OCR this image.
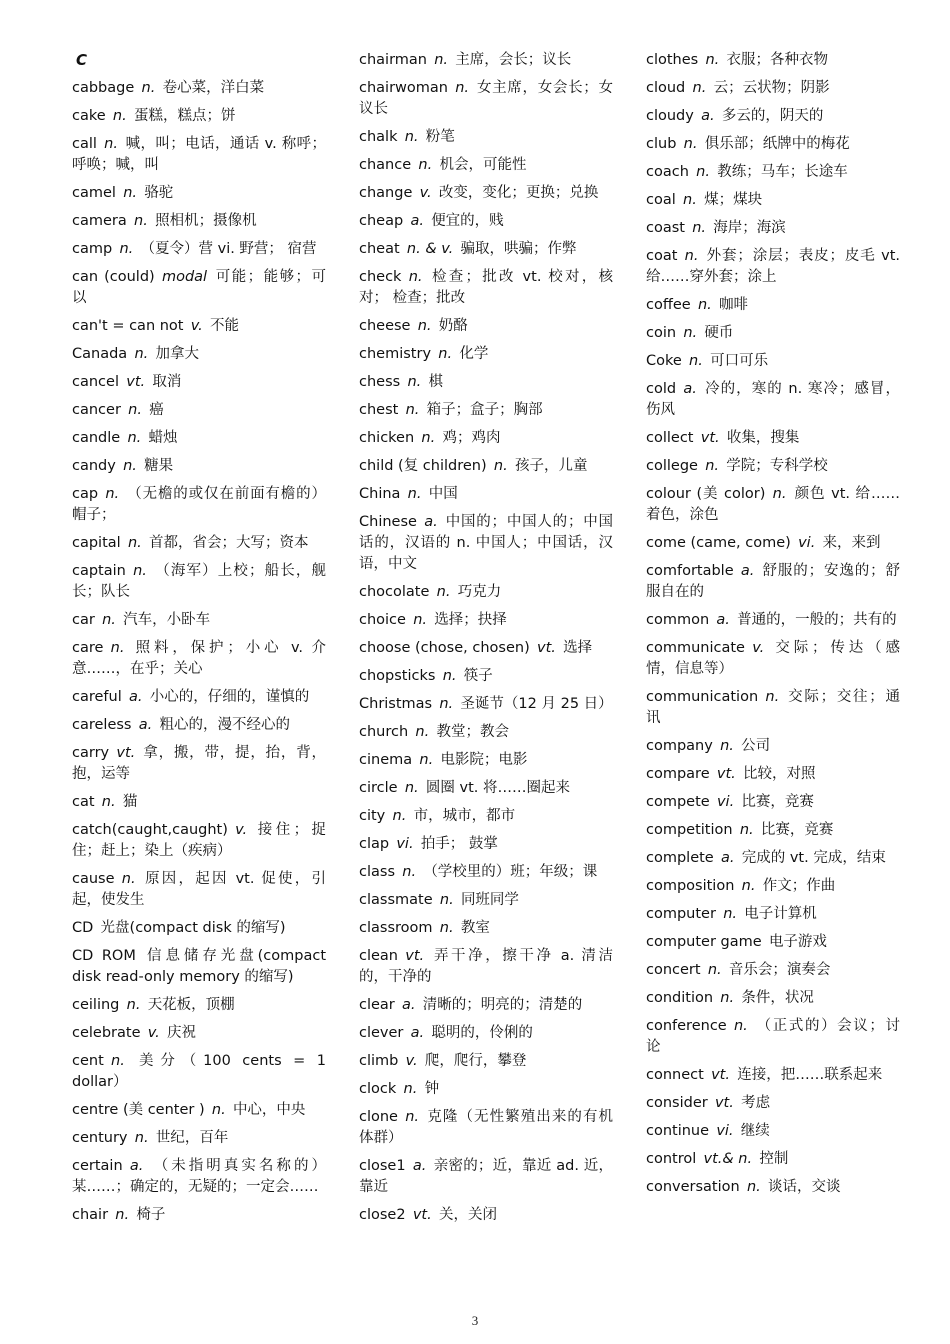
C
cabbage  n.  卷心菜，洋白菜
cake  n.  蛋糕，糕点；饼
call  n.  喊，叫；电话，通话 v. 称呼；呼唤；喊，叫
camel  n.  骆驼
camera  n.  照相机；摄像机
camp  n.  （夏令）营 vi. 野营； 宿营
can (could)  modal  可能；能够；可以
can't = can not  v.  不能
Canada  n.  加拿大
cancel  vt.  取消
cancer  n.  癌
candle  n.  蜡烛
candy  n.  糖果
cap  n.  （无檐的或仅在前面有檐的）帽子；
capital  n.  首都，省会；大写；资本
captain  n.  （海军）上校；船长，舰长；队长
car  n.  汽车，小卧车
care  n.  照料，保护；小心 v. 介意……，在乎；关心
careful  a.  小心的，仔细的，谨慎的
careless  a.  粗心的，漫不经心的
carry  vt.  拿，搬，带，提，抬，背，抱，运等
cat  n.  猫
catch(caught,caught)  v.  接住；捉住；赶上；染上（疾病）
cause  n.  原因，起因 vt. 促使，引起，使发生
CD  光盘(compact disk 的缩写)
CD ROM  信息储存光盘(compact disk read-only memory 的缩写)
ceiling  n.  天花板，顶棚
celebrate  v.  庆祝
cent  n.  美分（100 cents = 1 dollar）
centre (美 center )  n.  中心，中央
century  n.  世纪，百年
certain  a.  （未指明真实名称的）某……；确定的，无疑的；一定会……
chair  n.  椅子
chairman  n.  主席，会长；议长
chairwoman  n.  女主席，女会长；女议长
chalk  n.  粉笔
chance  n.  机会，可能性
change  v.  改变，变化；更换；兑换
cheap  a.  便宜的，贱
cheat  n. & v.  骗取，哄骗；作弊
check  n.  检查；批改 vt. 校对，核对； 检查；批改
cheese  n.  奶酪
chemistry  n.  化学
chess  n.  棋
chest  n.  箱子；盒子；胸部
chicken  n.  鸡；鸡肉
child (复 children)  n.  孩子，儿童
China  n.  中国
Chinese  a.  中国的；中国人的；中国话的，汉语的 n. 中国人；中国话，汉语，中文
chocolate  n.  巧克力
choice  n.  选择；抉择
choose (chose, chosen)  vt.  选择
chopsticks  n.  筷子
Christmas  n.  圣诞节（12 月 25 日）
church  n.  教堂；教会
cinema  n.  电影院；电影
circle  n.  圆圈 vt. 将……圈起来
city  n.  市，城市，都市
clap  vi.  拍手； 鼓掌
class  n.  （学校里的）班；年级；课
classmate  n.  同班同学
classroom  n.  教室
clean  vt.  弄干净，擦干净 a. 清洁的，干净的
clear  a.  清晰的；明亮的；清楚的
clever  a.  聪明的，伶俐的
climb  v.  爬，爬行，攀登
clock  n.  钟
clone  n.  克隆（无性繁殖出来的有机体群）
close1  a.  亲密的；近，靠近 ad. 近，靠近
close2  vt.  关，关闭
clothes  n.  衣服；各种衣物
cloud  n.  云；云状物；阴影
cloudy  a.  多云的，阴天的
club  n.  俱乐部；纸牌中的梅花
coach  n.  教练；马车；长途车
coal  n.  煤；煤块
coast  n.  海岸；海滨
coat  n.  外套；涂层；表皮；皮毛 vt. 给……穿外套；涂上
coffee  n.  咖啡
coin  n.  硬币
Coke  n.  可口可乐
cold  a.  冷的，寒的 n. 寒冷；感冒，伤风
collect  vt.  收集，搜集
college  n.  学院；专科学校
colour (美 color)  n.  颜色 vt. 给……着色，涂色
come (came, come)  vi.  来，来到
comfortable  a.  舒服的；安逸的；舒服自在的
common  a.  普通的，一般的；共有的
communicate  v.  交际；传达（感情，信息等）
communication  n.  交际；交往；通讯
company  n.  公司
compare  vt.  比较，对照
compete  vi.  比赛，竞赛
competition  n.  比赛，竞赛
complete  a.  完成的 vt. 完成，结束
composition  n.  作文；作曲
computer  n.  电子计算机
computer game  电子游戏
concert  n.  音乐会；演奏会
condition  n.  条件，状况
conference  n.  （正式的）会议；讨论
connect  vt.  连接，把……联系起来
consider  vt.  考虑
continue  vi.  继续
control  vt.& n.  控制
conversation  n.  谈话，交谈
3
